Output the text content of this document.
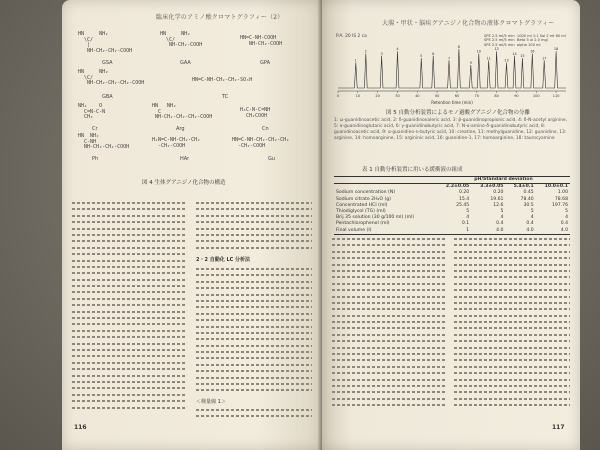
臨床化学のアミノ酸クロマトグラフィー（2）
HN     NH₂
\C/
|
NH-CH₂-CH₂-COOH
GSA
HN     NH₂
\C/
NH-CH₂-COOH
GAA
HN=C-NH-COOH
NH-CH₂-COOH
GPA
HN     NH₂
\C/
NH-CH₂-CH₂-CH₂-COOH
GBA
HN=C-NH-CH₂-CH₂-SO₃H
TC
NH₂    O
C=N-C-N
CH₃
Cr
HN   NH₂
C
NH-CH₂-CH₂-CH₂-COOH
Arg
H₃C-N-C=NH
CH₂COOH
Cn
HN  NH₂
C-NH
NH-CH₂-CH₂-COOH
Ph
H₂N=C-NH-CH₂-CH₂
-CH₂-COOH
HAr
HN=C-NH-CH₂-CH₂-CH₂
-CH₂-COOH
Gu
図 4 生体グアニジノ化合物の構造
2・2 自動化 LC 分析法
＜検量線 1＞
116
大腸・甲状・脳疾グアニジノ化合物の液体クロマトグラフィー
P.A. 20 IS 2 ca	SPE 2.5 ml/5 min  1000 ml 1:1 Sol 2 rel 60 ml
SPE 2.5 ml/5 min  Beta 3 ul 2.0 mg/
SPE 2.5 ml/5 min  alpha 100 ml
1
2
3
4
5
6
7
8
9
10
11
12
13
14
15
16
17
18
0	10	20	30	40	50	60	70	80	90	100	110
Retention time (min)
図 5 自動分析装置によるモノ過酸グアニジノ化合物の分離
1: ω-guanidinoacetic acid, 2: δ-guanidinovaleric acid, 3: β-guanidinopropionic acid, 4: δ-N-acetyl arginine, 5: α-guanidinoglutaric acid, 6: γ-guanidinobutyric acid, 7: N-α-amino-δ-guanidinobutyric acid, 8: guanidinoacetic acid, 9: α-guanidino-n-butyric acid, 10: creatine, 11: methylguanidine, 12: guanidine, 13: arginine, 14: homoarginine, 15: argininic acid, 16: guanidine-1, 17: homoarginine, 18: taurocyamine
表 1 自動分析装置に用いる緩衝液の組成
	pH/Standard deviation			
	2.2±0.05	3.3±0.05	5.4±0.1	10.0±0.1
Sodium concentration (N)	0.20	0.20	0.45	1.00
Sodium citrate 2H₂O (g)	15.4	19.61	78.40	78.68
Concentrated HCl (ml)	25.45	12.6	30.5	197.76
Thiodiglycol (TG) (ml)	5	5	5	5
Brij 35 solution (30 g/100 ml) (ml)	4	4	4	4
Pentachlorophenol (ml)	0.1	0.4	0.4	0.4
Final volume (l)	1	4.0	4.0	4.0
117
